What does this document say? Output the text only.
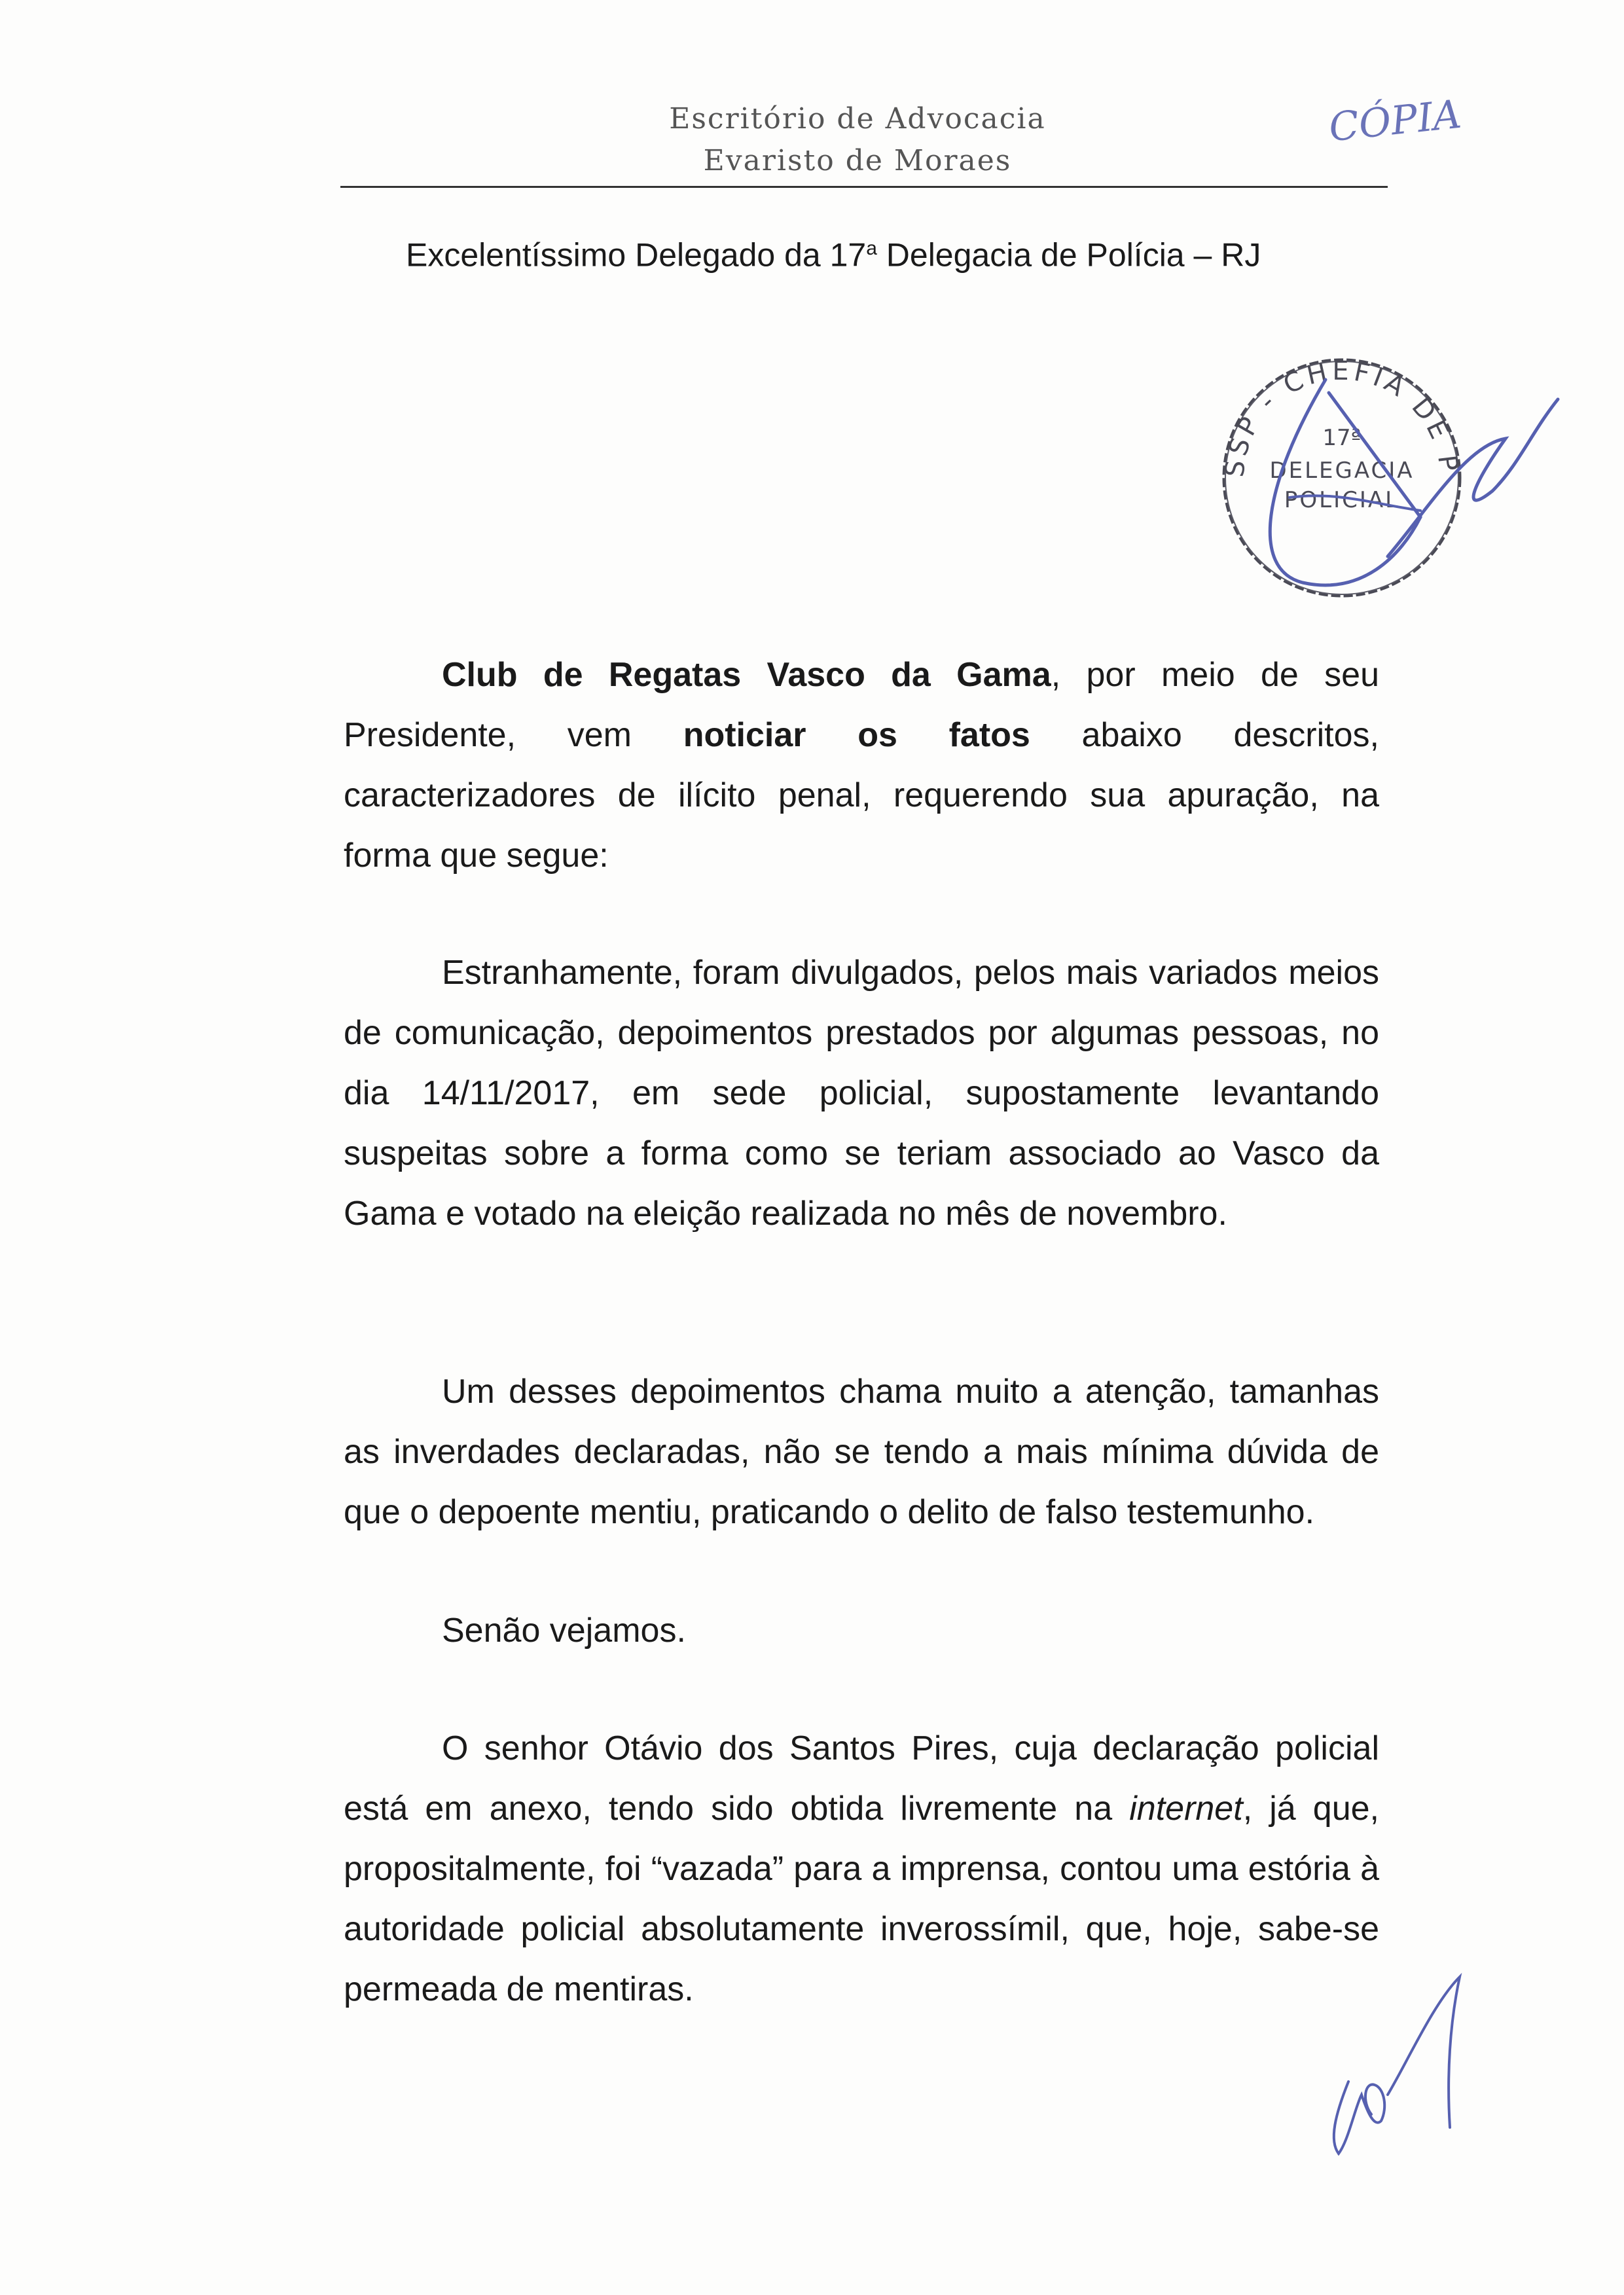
Escritório de Advocacia
Evaristo de Moraes
CÓPIA
Excelentíssimo Delegado da 17$^a$ Delegacia de Polícia – RJ
SSP - CHEFIA DE P
17ª
DELEGACIA
POLICIAL
Club de Regatas Vasco da Gama, por meio de seu Presidente, vem noticiar os fatos abaixo descritos, caracterizadores de ilícito penal, requerendo sua apuração, na forma que segue:
Estranhamente, foram divulgados, pelos mais variados meios de comunicação, depoimentos prestados por algumas pessoas, no dia 14/11/2017, em sede policial, supostamente levantando suspeitas sobre a forma como se teriam associado ao Vasco da Gama e votado na eleição realizada no mês de novembro.
Um desses depoimentos chama muito a atenção, tamanhas as inverdades declaradas, não se tendo a mais mínima dúvida de que o depoente mentiu, praticando o delito de falso testemunho.
Senão vejamos.
O senhor Otávio dos Santos Pires, cuja declaração policial está em anexo, tendo sido obtida livremente na internet, já que, propositalmente, foi “vazada” para a imprensa, contou uma estória à autoridade policial absolutamente inverossímil, que, hoje, sabe-se permeada de mentiras.
